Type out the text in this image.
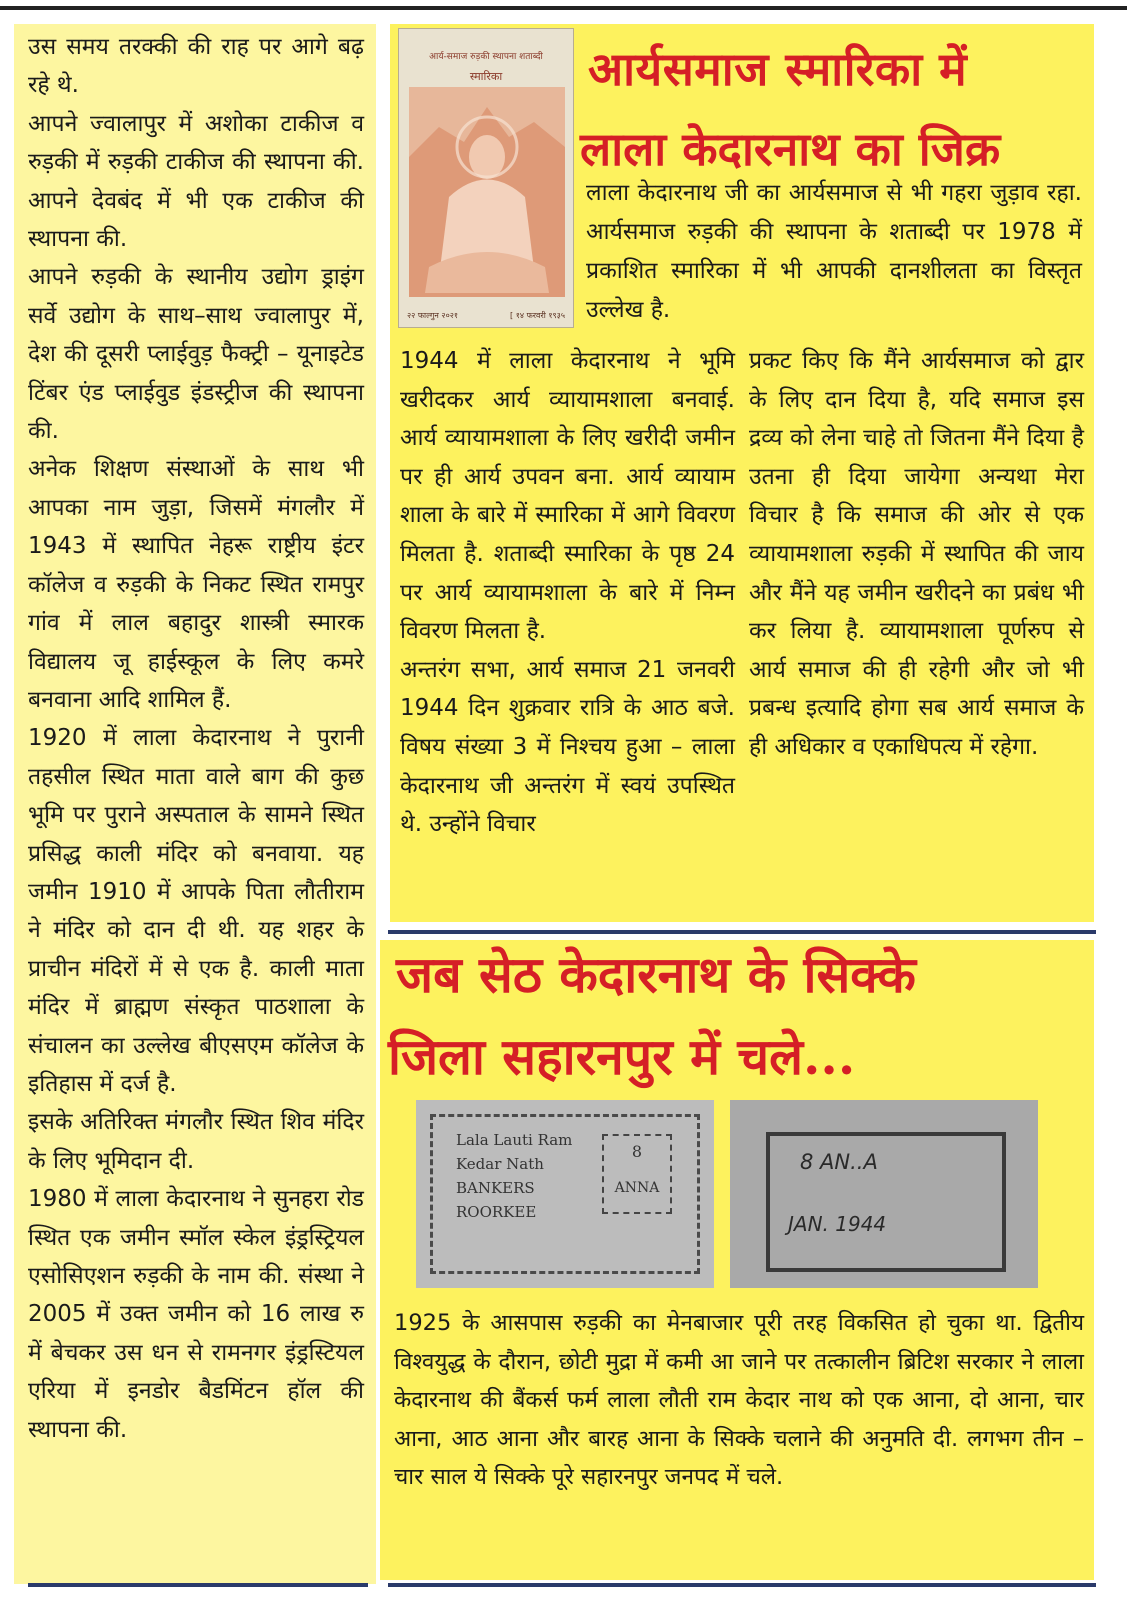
उस समय तरक्की की राह पर आगे बढ़ रहे थे.

आपने ज्वालापुर में अशोका टाकीज व रुड़की में रुड़की टाकीज की स्थापना की. आपने देवबंद में भी एक टाकीज की स्थापना की.

आपने रुड़की के स्थानीय उद्योग ड्राइंग सर्वे उद्योग के साथ–साथ ज्वालापुर में, देश की दूसरी प्लाईवुड़ फैक्ट्री – यूनाइटेड टिंबर एंड प्लाईवुड इंडस्ट्रीज की स्थापना की.

अनेक शिक्षण संस्थाओं के साथ भी आपका नाम जुड़ा, जिसमें मंगलौर में 1943 में स्थापित नेहरू राष्ट्रीय इंटर कॉलेज व रुड़की के निकट स्थित रामपुर गांव में लाल बहादुर शास्त्री स्मारक विद्यालय जू हाईस्कूल के लिए कमरे बनवाना आदि शामिल हैं.

1920 में लाला केदारनाथ ने पुरानी तहसील स्थित माता वाले बाग की कुछ भूमि पर पुराने अस्पताल के सामने स्थित प्रसिद्ध काली मंदिर को बनवाया. यह जमीन 1910 में आपके पिता लौतीराम ने मंदिर को दान दी थी. यह शहर के प्राचीन मंदिरों में से एक है. काली माता मंदिर में ब्राह्मण संस्कृत पाठशाला के संचालन का उल्लेख बीएसएम कॉलेज के इतिहास में दर्ज है.

इसके अतिरिक्त मंगलौर स्थित शिव मंदिर के लिए भूमिदान दी.

1980 में लाला केदारनाथ ने सुनहरा रोड स्थित एक जमीन स्मॉल स्केल इंड्रस्ट्रियल एसोसिएशन रुड़की के नाम की. संस्था ने 2005 में उक्त जमीन को 16 लाख रु में बेचकर उस धन से रामनगर इंड्रस्टियल एरिया में इनडोर बैडमिंटन हॉल की स्थापना की.

आर्य-समाज रुड़की स्थापना शताब्दी
स्मारिका
२२ फाल्गुन २०२१	[ १४ फरवरी १९३५
आर्यसमाज स्मारिका में
लाला केदारनाथ का जिक्र

लाला केदारनाथ जी का आर्यसमाज से भी गहरा जुड़ाव रहा. आर्यसमाज रुड़की की स्थापना के शताब्दी पर 1978 में प्रकाशित स्मारिका में भी आपकी दानशीलता का विस्तृत उल्लेख है.

1944 में लाला केदारनाथ ने भूमि खरीदकर आर्य व्यायामशाला बनवाई. आर्य व्यायामशाला के लिए खरीदी जमीन पर ही आर्य उपवन बना. आर्य व्यायाम शाला के बारे में स्मारिका में आगे विवरण मिलता है. शताब्दी स्मारिका के पृष्ठ 24 पर आर्य व्यायामशाला के बारे में निम्न विवरण मिलता है.

अन्तरंग सभा, आर्य समाज 21 जनवरी 1944 दिन शुक्रवार रात्रि के आठ बजे. विषय संख्या 3 में निश्चय हुआ – लाला केदारनाथ जी अन्तरंग में स्वयं उपस्थित थे. उन्होंने विचार

प्रकट किए कि मैंने आर्यसमाज को द्वार के लिए दान दिया है, यदि समाज इस द्रव्य को लेना चाहे तो जितना मैंने दिया है उतना ही दिया जायेगा अन्यथा मेरा विचार है कि समाज की ओर से एक व्यायामशाला रुड़की में स्थापित की जाय और मैंने यह जमीन खरीदने का प्रबंध भी कर लिया है. व्यायामशाला पूर्णरुप से आर्य समाज की ही रहेगी और जो भी प्रबन्ध इत्यादि होगा सब आर्य समाज के ही अधिकार व एकाधिपत्य में रहेगा.

जब सेठ केदारनाथ के सिक्के
जिला सहारनपुर में चले...
Lala Lauti Ram
Kedar Nath
BANKERS
ROORKEE
8
ANNA
8 AN..A
JAN. 1944

1925 के आसपास रुड़की का मेनबाजार पूरी तरह विकसित हो चुका था. द्वितीय विश्वयुद्ध के दौरान, छोटी मुद्रा में कमी आ जाने पर तत्कालीन ब्रिटिश सरकार ने लाला केदारनाथ की बैंकर्स फर्म लाला लौती राम केदार नाथ को एक आना, दो आना, चार आना, आठ आना और बारह आना के सिक्के चलाने की अनुमति दी. लगभग तीन – चार साल ये सिक्के पूरे सहारनपुर जनपद में चले.
